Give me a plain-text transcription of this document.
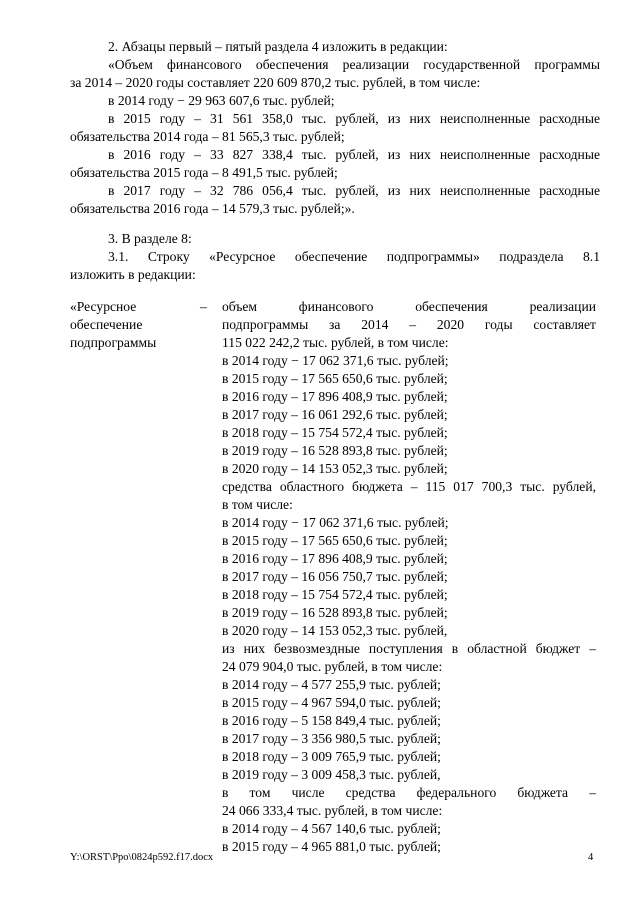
2. Абзацы первый – пятый раздела 4 изложить в редакции:
«Объем финансового обеспечения реализации государственной программы
за 2014 – 2020 годы составляет 220 609 870,2 тыс. рублей, в том числе:
в 2014 году − 29 963 607,6 тыс. рублей;
в 2015 году – 31 561 358,0 тыс. рублей, из них неисполненные расходные
обязательства 2014 года – 81 565,3 тыс. рублей;
в 2016 году – 33 827 338,4 тыс. рублей, из них неисполненные расходные
обязательства 2015 года – 8 491,5 тыс. рублей;
в 2017 году – 32 786 056,4 тыс. рублей, из них неисполненные расходные
обязательства 2016 года – 14 579,3 тыс. рублей;».
3. В разделе 8:
3.1. Строку «Ресурсное обеспечение подпрограммы» подраздела 8.1
изложить в редакции:
«Ресурсное
обеспечение
подпрограммы
– объем финансового обеспечения реализации
подпрограммы за 2014 – 2020 годы составляет
115 022 242,2 тыс. рублей, в том числе:
в 2014 году − 17 062 371,6 тыс. рублей;
в 2015 году – 17 565 650,6 тыс. рублей;
в 2016 году – 17 896 408,9 тыс. рублей;
в 2017 году – 16 061 292,6 тыс. рублей;
в 2018 году – 15 754 572,4 тыс. рублей;
в 2019 году – 16 528 893,8 тыс. рублей;
в 2020 году – 14 153 052,3 тыс. рублей;
средства областного бюджета – 115 017 700,3 тыс. рублей,
в том числе:
в 2014 году − 17 062 371,6 тыс. рублей;
в 2015 году – 17 565 650,6 тыс. рублей;
в 2016 году – 17 896 408,9 тыс. рублей;
в 2017 году – 16 056 750,7 тыс. рублей;
в 2018 году – 15 754 572,4 тыс. рублей;
в 2019 году – 16 528 893,8 тыс. рублей;
в 2020 году – 14 153 052,3 тыс. рублей,
из них безвозмездные поступления в областной бюджет –
24 079 904,0 тыс. рублей, в том числе:
в 2014 году – 4 577 255,9 тыс. рублей;
в 2015 году – 4 967 594,0 тыс. рублей;
в 2016 году – 5 158 849,4 тыс. рублей;
в 2017 году – 3 356 980,5 тыс. рублей;
в 2018 году – 3 009 765,9 тыс. рублей;
в 2019 году – 3 009 458,3 тыс. рублей,
в том числе средства федерального бюджета –
24 066 333,4 тыс. рублей, в том числе:
в 2014 году – 4 567 140,6 тыс. рублей;
в 2015 году – 4 965 881,0 тыс. рублей;
Y:\ORST\Ppo\0824p592.f17.docx	4
